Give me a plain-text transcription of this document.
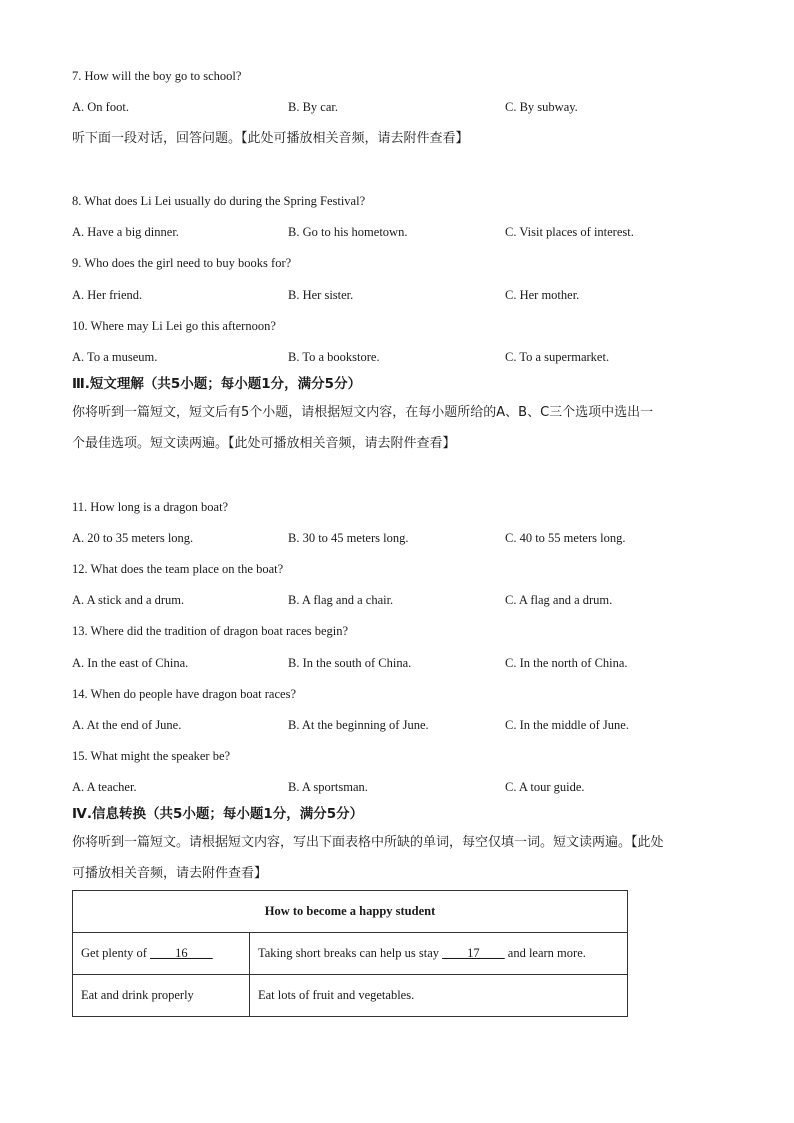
7. How will the boy go to school?
A. On foot.	B. By car.	C. By subway.
听下面一段对话，回答问题。【此处可播放相关音频，请去附件查看】
8. What does Li Lei usually do during the Spring Festival?
A. Have a big dinner.	B. Go to his hometown.	C. Visit places of interest.
9. Who does the girl need to buy books for?
A. Her friend.	B. Her sister.	C. Her mother.
10. Where may Li Lei go this afternoon?
A. To a museum.	B. To a bookstore.	C. To a supermarket.
Ⅲ.短文理解（共5小题；每小题1分，满分5分）
你将听到一篇短文，短文后有5个小题，请根据短文内容，在每小题所给的A、B、C三个选项中选出一
个最佳选项。短文读两遍。【此处可播放相关音频，请去附件查看】
11. How long is a dragon boat?
A. 20 to 35 meters long.	B. 30 to 45 meters long.	C. 40 to 55 meters long.
12. What does the team place on the boat?
A. A stick and a drum.	B. A flag and a chair.	C. A flag and a drum.
13. Where did the tradition of dragon boat races begin?
A. In the east of China.	B. In the south of China.	C. In the north of China.
14. When do people have dragon boat races?
A. At the end of June.	B. At the beginning of June.	C. In the middle of June.
15. What might the speaker be?
A. A teacher.	B. A sportsman.	C. A tour guide.
Ⅳ.信息转换（共5小题；每小题1分，满分5分）
你将听到一篇短文。请根据短文内容，写出下面表格中所缺的单词，每空仅填一词。短文读两遍。【此处
可播放相关音频，请去附件查看】
How to become a happy student	
Get plenty of ____16____	Taking short breaks can help us stay ____17____ and learn more.
Eat and drink properly	Eat lots of fruit and vegetables.
